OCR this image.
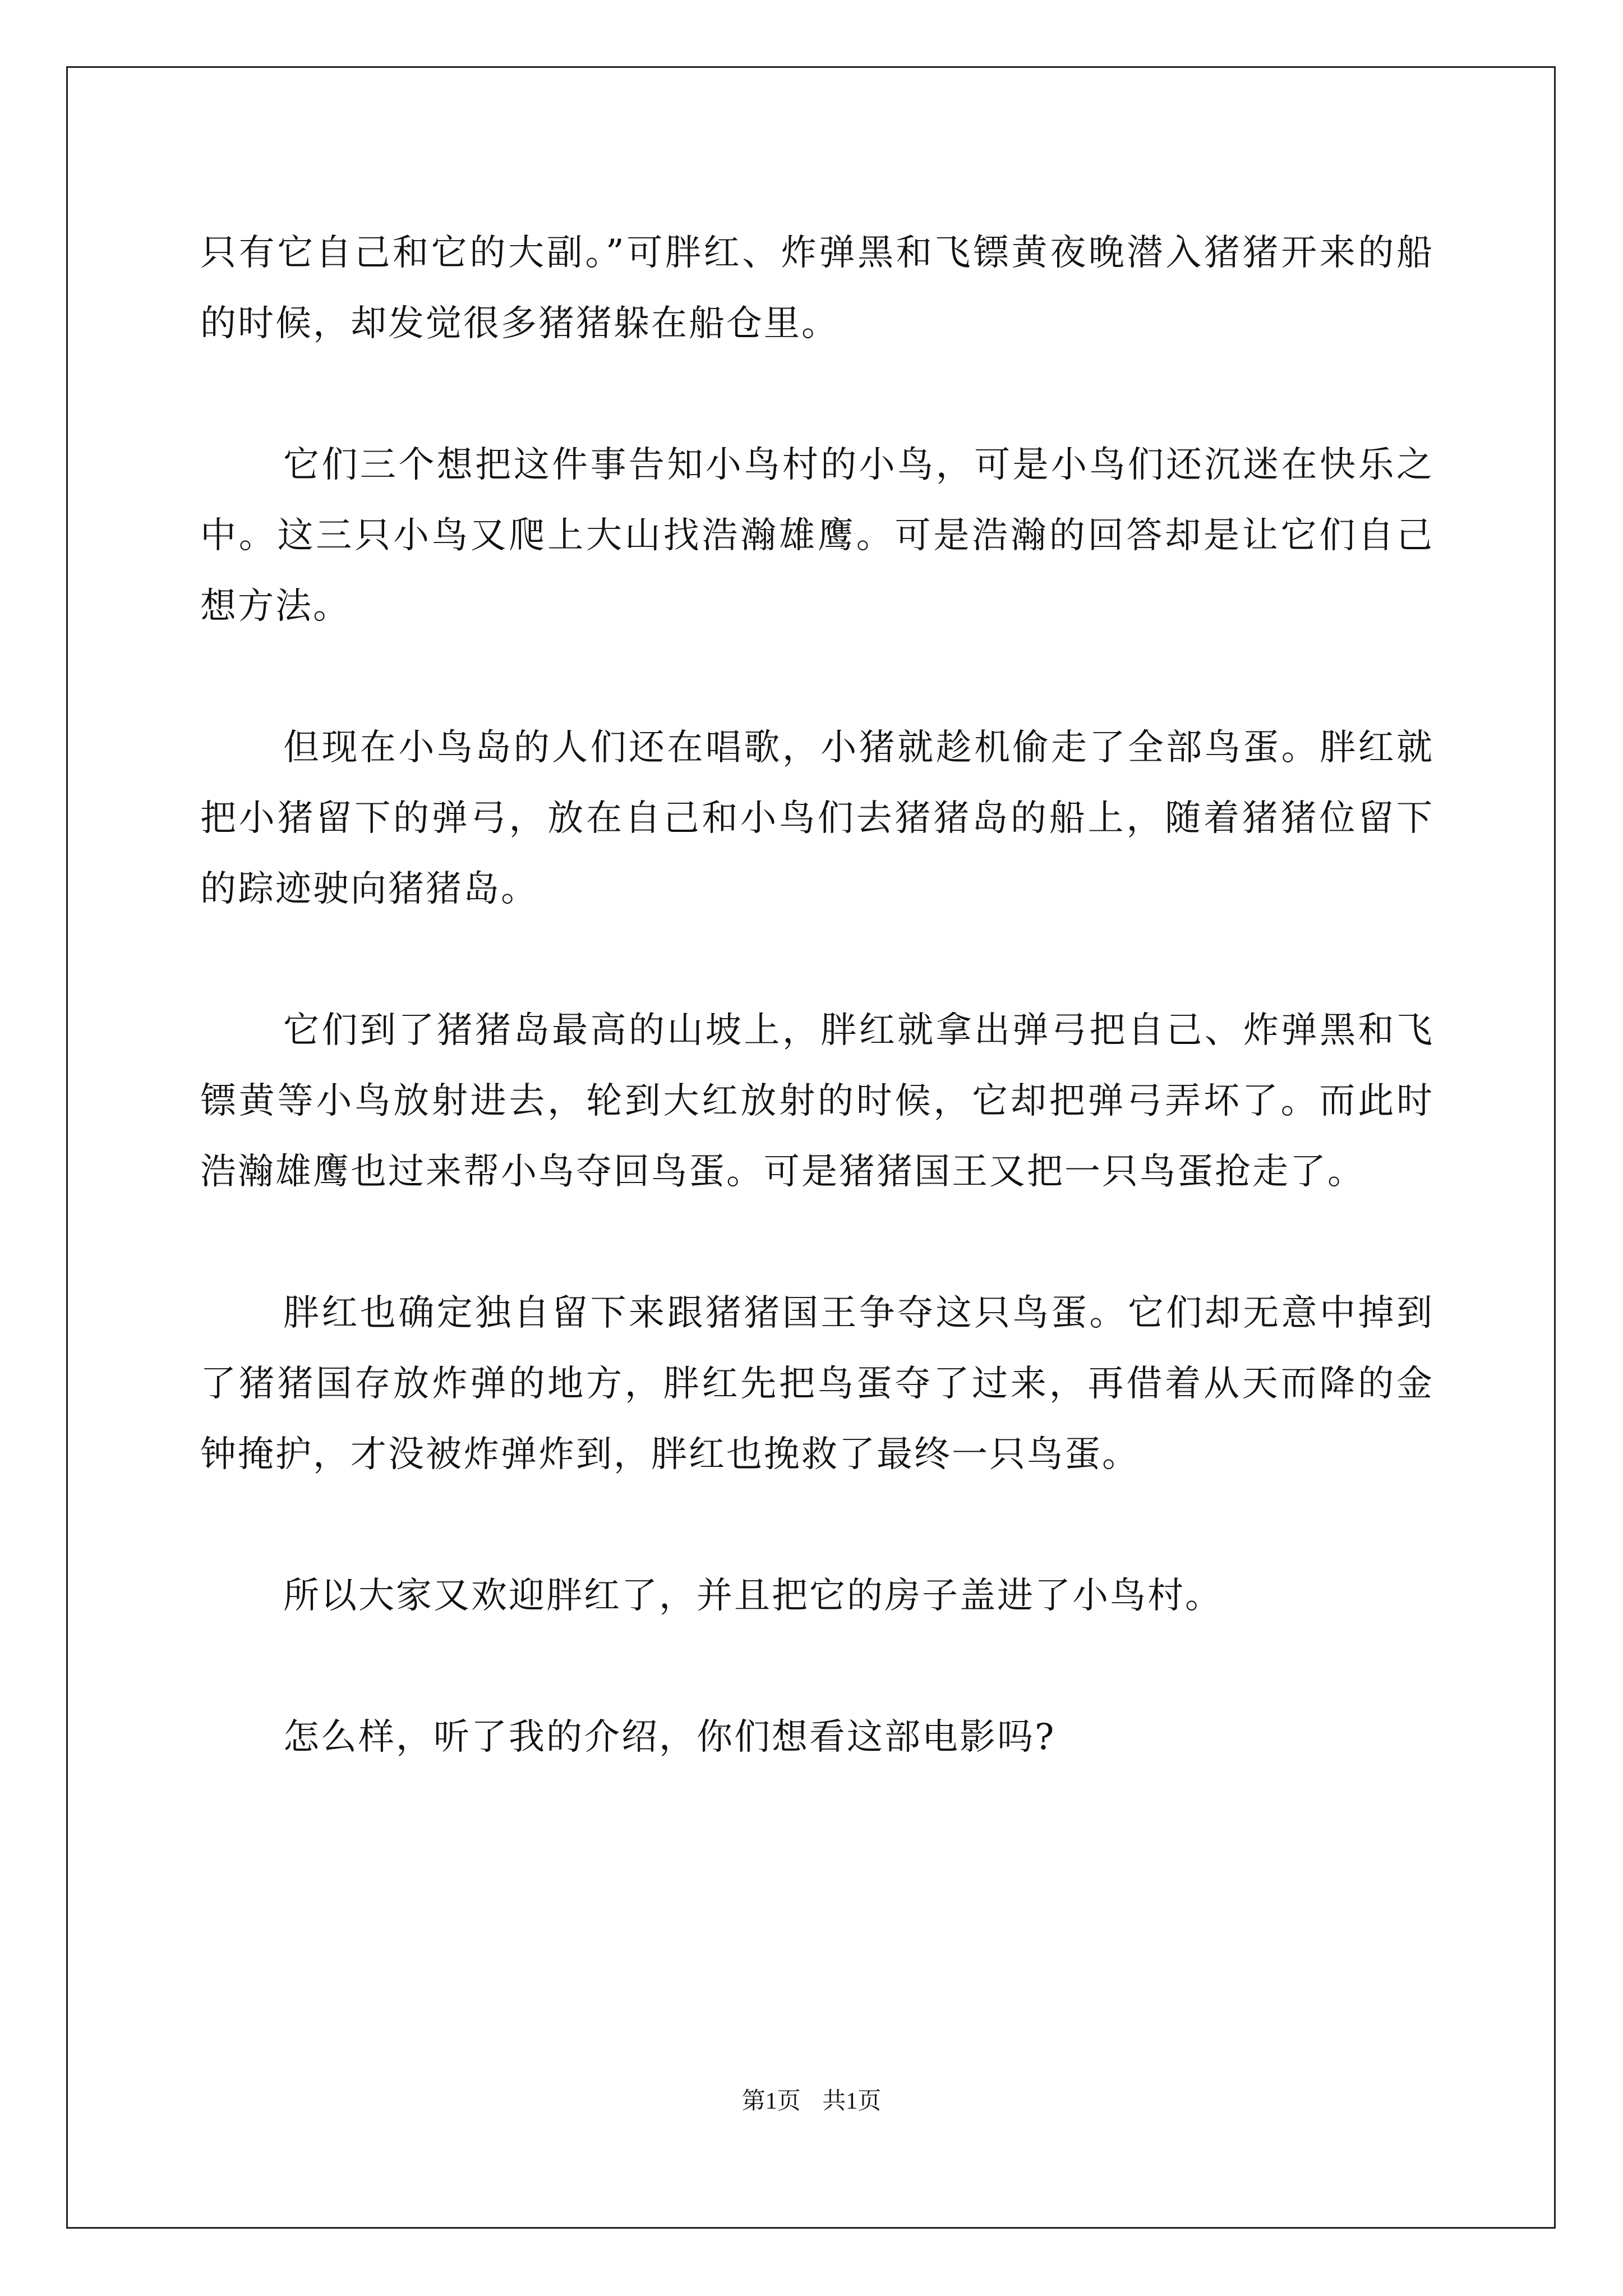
只有它自己和它的大副。”可胖红、炸弹黑和飞镖黄夜晚潜入猪猪开来的船的时候，却发觉很多猪猪躲在船仓里。

它们三个想把这件事告知小鸟村的小鸟，可是小鸟们还沉迷在快乐之中。这三只小鸟又爬上大山找浩瀚雄鹰。可是浩瀚的回答却是让它们自己想方法。

但现在小鸟岛的人们还在唱歌，小猪就趁机偷走了全部鸟蛋。胖红就把小猪留下的弹弓，放在自己和小鸟们去猪猪岛的船上，随着猪猪位留下的踪迹驶向猪猪岛。

它们到了猪猪岛最高的山坡上，胖红就拿出弹弓把自己、炸弹黑和飞镖黄等小鸟放射进去，轮到大红放射的时候，它却把弹弓弄坏了。而此时浩瀚雄鹰也过来帮小鸟夺回鸟蛋。可是猪猪国王又把一只鸟蛋抢走了。

胖红也确定独自留下来跟猪猪国王争夺这只鸟蛋。它们却无意中掉到了猪猪国存放炸弹的地方，胖红先把鸟蛋夺了过来，再借着从天而降的金钟掩护，才没被炸弹炸到，胖红也挽救了最终一只鸟蛋。

所以大家又欢迎胖红了，并且把它的房子盖进了小鸟村。

怎么样，听了我的介绍，你们想看这部电影吗?

第1页 共1页
